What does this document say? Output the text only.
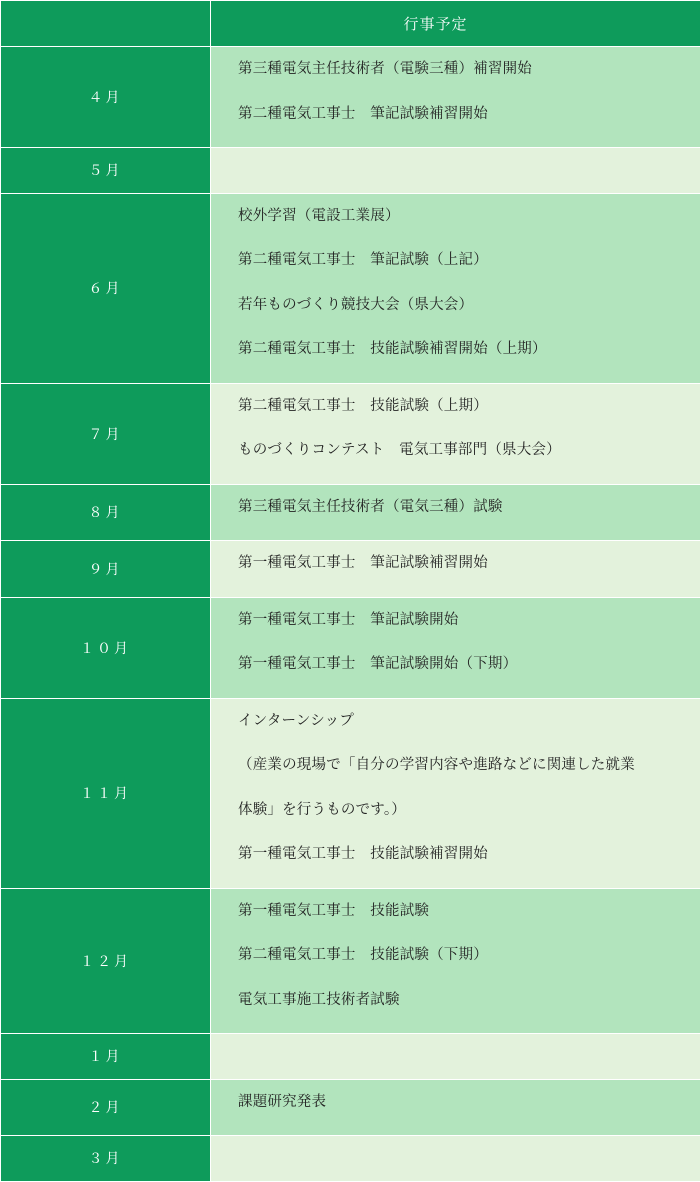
	行事予定
４月	第三種電気主任技術者（電験三種）補習開始
第二種電気工事士　筆記試験補習開始

５月	
６月	校外学習（電設工業展）
第二種電気工事士　筆記試験（上記）
若年ものづくり競技大会（県大会）
第二種電気工事士　技能試験補習開始（上期）

７月	第二種電気工事士　技能試験（上期）
ものづくりコンテスト　電気工事部門（県大会）

８月	第三種電気主任技術者（電気三種）試験

９月	第一種電気工事士　筆記試験補習開始

１０月	第一種電気工事士　筆記試験開始
第一種電気工事士　筆記試験開始（下期）

１１月	インターンシップ
（産業の現場で「自分の学習内容や進路などに関連した就業
体験」を行うものです。）
第一種電気工事士　技能試験補習開始

１２月	第一種電気工事士　技能試験
第二種電気工事士　技能試験（下期）
電気工事施工技術者試験

１月	
２月	課題研究発表

３月	
